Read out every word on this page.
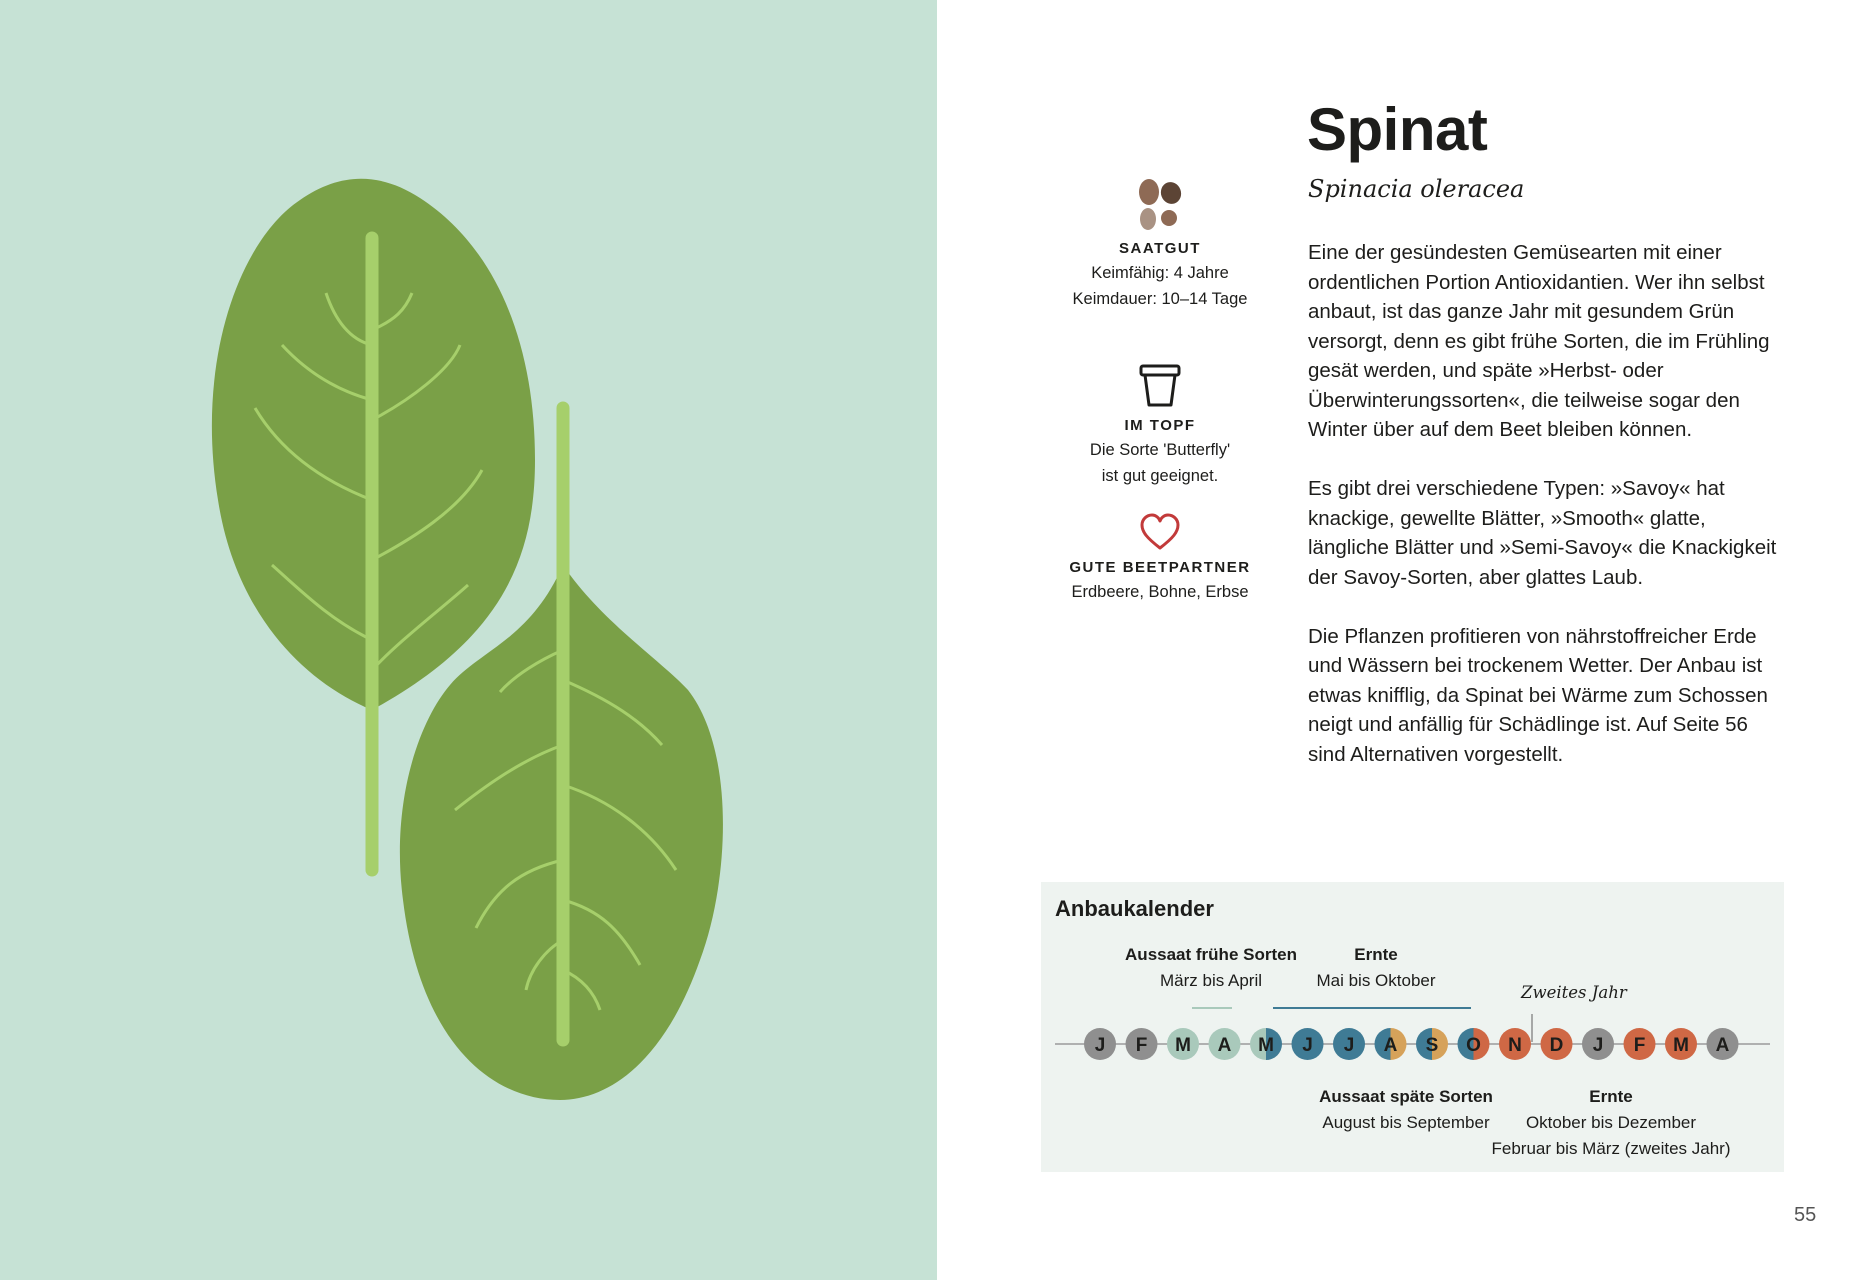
Spinat
Spinacia oleracea

Eine der gesündesten Gemüsearten mit einer ordentlichen Portion Antioxidantien. Wer ihn selbst anbaut, ist das ganze Jahr mit gesundem Grün versorgt, denn es gibt frühe Sorten, die im Frühling gesät werden, und späte »Herbst- oder Überwinterungssorten«, die teilweise sogar den Winter über auf dem Beet bleiben können.

Es gibt drei verschiedene Typen: »Savoy« hat knackige, gewellte Blätter, »Smooth« glatte, längliche Blätter und »Semi-Savoy« die Knackigkeit der Savoy-Sorten, aber glattes Laub.

Die Pflanzen profitieren von nährstoffreicher Erde und Wässern bei trockenem Wetter. Der Anbau ist etwas knifflig, da Spinat bei Wärme zum Schossen neigt und anfällig für Schädlinge ist. Auf Seite 56 sind Alternativen vorgestellt.

SAATGUT
Keimfähig: 4 Jahre
Keimdauer: 10–14 Tage
IM TOPF
Die Sorte 'Butterfly'
ist gut geeignet.
GUTE BEETPARTNER
Erdbeere, Bohne, Erbse
Anbaukalender
Aussaat frühe Sorten
März bis April
Ernte
Mai bis Oktober
Zweites Jahr
J F M A M J J A S O N D J F M A
Aussaat späte Sorten
August bis September
Ernte
Oktober bis Dezember
Februar bis März (zweites Jahr)
55
